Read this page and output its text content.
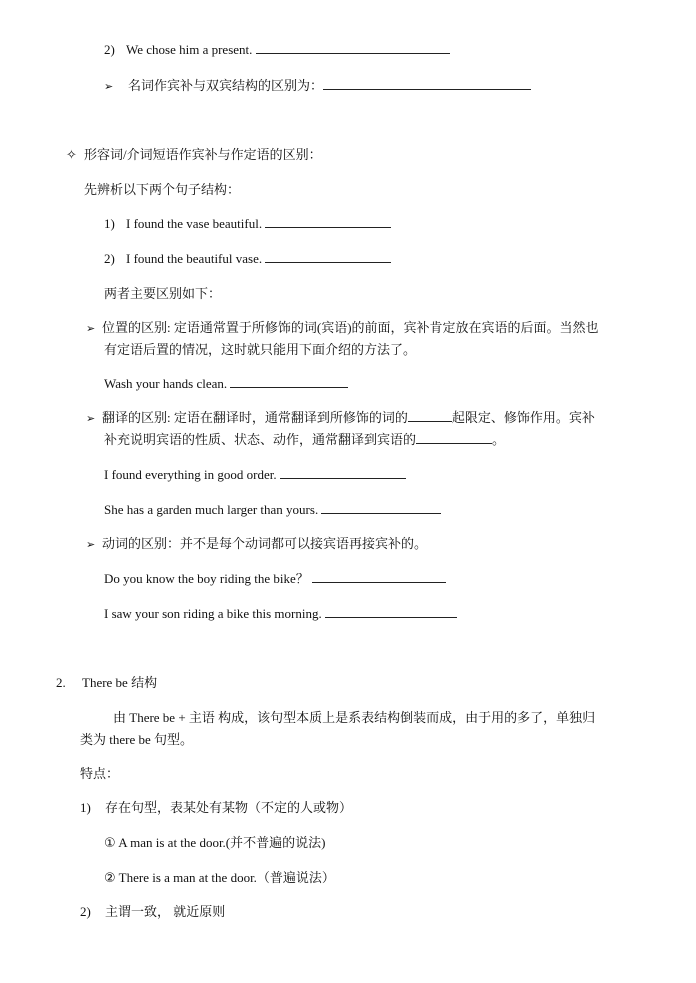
2) We chose him a present.
➢ 名词作宾补与双宾结构的区别为：
✧ 形容词/介词短语作宾补与作定语的区别：
先辨析以下两个句子结构：
1) I found the vase beautiful.
2) I found the beautiful vase.
两者主要区别如下：
➢ 位置的区别: 定语通常置于所修饰的词(宾语)的前面，宾补肯定放在宾语的后面。当然也
有定语后置的情况，这时就只能用下面介绍的方法了。
Wash your hands clean.
➢ 翻译的区别: 定语在翻译时，通常翻译到所修饰的词的	起限定、修饰作用。宾补
补充说明宾语的性质、状态、动作，通常翻译到宾语的	。
I found everything in good order.
She has a garden much larger than yours.
➢ 动词的区别：并不是每个动词都可以接宾语再接宾补的。
Do you know the boy riding the bike？
I saw your son riding a bike this morning.
2. There be 结构
由 There be + 主语 构成，该句型本质上是系表结构倒装而成，由于用的多了，单独归
类为 there be 句型。
特点：
1) 存在句型，表某处有某物（不定的人或物）
① A man is at the door.(并不普遍的说法)
② There is a man at the door.（普遍说法）
2) 主谓一致， 就近原则
